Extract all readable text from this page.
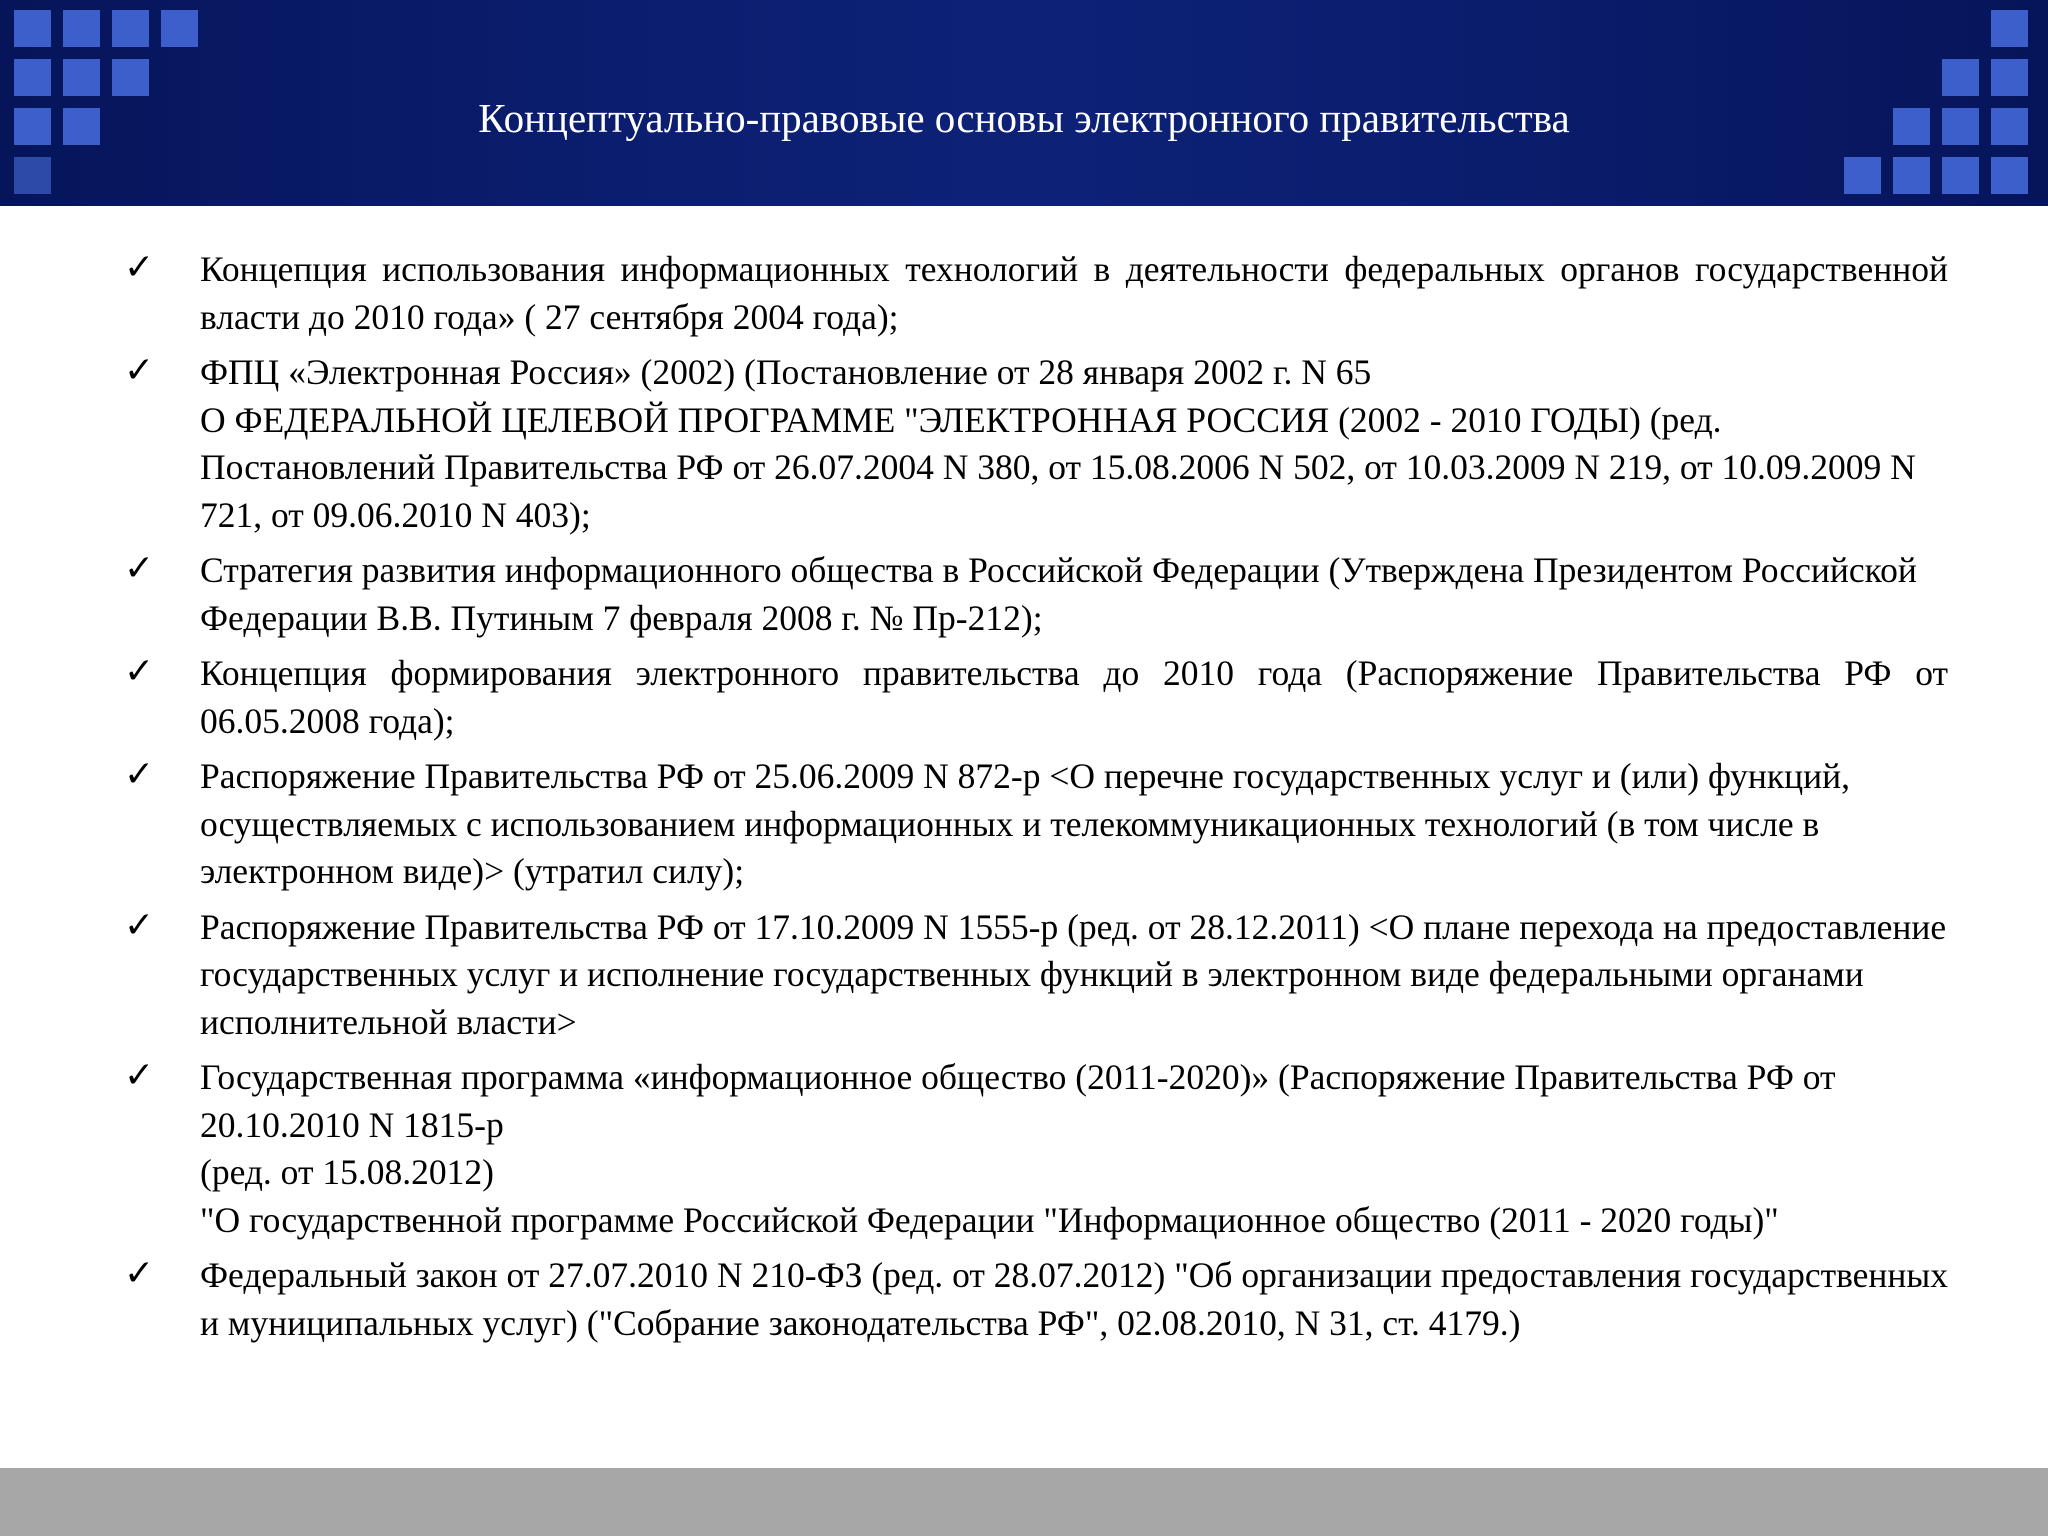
Концептуально-правовые основы электронного правительства
✓ Концепция использования информационных технологий в деятельности федеральных органов государственной власти до 2010 года» ( 27 сентября 2004 года);

✓ ФПЦ «Электронная Россия» (2002) (Постановление от 28 января 2002 г. N 65
О ФЕДЕРАЛЬНОЙ ЦЕЛЕВОЙ ПРОГРАММЕ "ЭЛЕКТРОННАЯ РОССИЯ (2002 - 2010 ГОДЫ) (ред. Постановлений Правительства РФ от 26.07.2004 N 380, от 15.08.2006 N 502, от 10.03.2009 N 219, от 10.09.2009 N 721, от 09.06.2010 N 403);

✓ Стратегия развития информационного общества в Российской Федерации (Утверждена Президентом Российской Федерации В.В. Путиным 7 февраля 2008 г. № Пр-212);

✓ Концепция формирования электронного правительства до 2010 года (Распоряжение Правительства РФ от 06.05.2008 года);

✓ Распоряжение Правительства РФ от 25.06.2009 N 872-р <О перечне государственных услуг и (или) функций, осуществляемых с использованием информационных и телекоммуникационных технологий (в том числе в электронном виде)> (утратил силу);

✓ Распоряжение Правительства РФ от 17.10.2009 N 1555-р (ред. от 28.12.2011) <О плане перехода на предоставление государственных услуг и исполнение государственных функций в электронном виде федеральными органами исполнительной власти>

✓ Государственная программа «информационное общество (2011-2020)» (Распоряжение Правительства РФ от 20.10.2010 N 1815-р
(ред. от 15.08.2012)
"О государственной программе Российской Федерации "Информационное общество (2011 - 2020 годы)"

✓ Федеральный закон от 27.07.2010 N 210-ФЗ (ред. от 28.07.2012) "Об организации предоставления государственных и муниципальных услуг) ("Собрание законодательства РФ", 02.08.2010, N 31, ст. 4179.)
